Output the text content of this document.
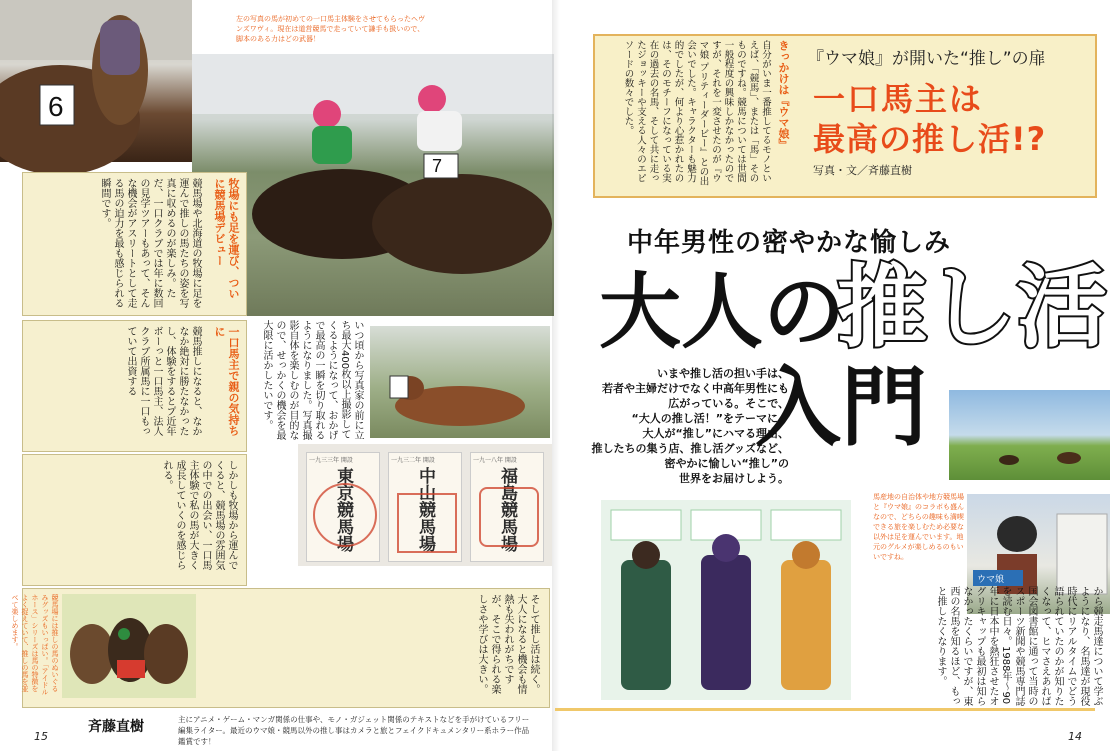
6
左の写真の馬が初めての一口馬主体験をさせてもらったヘヴンズワヴィ。現在は道営競馬で走っていて謙手も扱いので、脚本のある力はどの武器！
7
牧場にも足を運び、ついに競馬場デビュー
競馬場や北海道の牧場に足を運んで推しの馬たちの姿を写真に収めるのが楽しみ。ただ、一口クラブでは年に数回の見学ツアーもあって、そんな機会がアスリートとして走る馬の迫力を最も感じられる瞬間です。
一口馬主で親の気持ちに
競馬推しになると、なかなか絶対に勝たなかったし、体験をするとプ近年ボーっと一口馬主、法人クラブ所属馬に一口もっていて出資する	いつ頃から写真家の前に立ち最大400枚以上撮影してくるようになって、おかげで最高の一瞬を切り取れるようになりました。写真撮影自体を楽しむのが目的なので、せっかくの機会を最大限に活かしたいです。
しかしも牧場から運んでくると、競馬場の雰囲気の中での出会い、一口馬主体験で私の馬が大きく成長していくのを感じられる。	一九三三年 開設
東京競馬場
一九三二年 開設
中山競馬場
一九一八年 開設
福島競馬場
競馬場には推しの馬のぬいぐるみグッズもいっぱい。「アイドルホース」シリーズは馬の特徴をよく捉えていて、推しの馬を並べて楽しめます。	そして推し活は続く。大人になると機会も情熱も失われがちですが、そこで得られる楽しさや学びは大きい。
斉藤直樹	主にアニメ・ゲーム・マンガ関係の仕事や、モノ・ガジェット関係のテキストなどを手がけているフリー編集ライター。最近のウマ娘・競馬以外の推し事はカメラと旅とフェイクドキュメンタリー系ホラー作品鑑賞です！
15
きっかけは『ウマ娘』
自分がいま一番推してるモノといえば、「競馬」、または「馬」そのものですね。競馬については世間一般程度の興味しかなかったのですが、それを一変させたのが『ウマ娘 プリティーダービー』との出会いでした。キャラクターも魅力的でしたが、何より心惹かれたのは、そのモチーフになっている実在の過去の名馬、そして共に走ったジョッキーや支える人々のエピソードの数々でした。	『ウマ娘』が開いた“推し”の扉
一口馬主は
最高の推し活!?
写真・文／斉藤直樹
中年男性の密やかな愉しみ
大人の
推し活
入門
いまや推し活の担い手は、
若者や主婦だけでなく中高年男性にも
広がっている。そこで、
“大人の推し活！”をテーマに、
大人が“推し”にハマる理由、
推したちの集う店、推し活グッズなど、
密やかに愉しい“推し”の
世界をお届けしよう。
ウマ娘
馬産地の自治体や地方競馬場と『ウマ娘』のコラボも盛んなので、どちらの趣味も満喫できる旅を楽しむため必要な以外は足を運んでいます。地元のグルメが楽しめるのもいいですね。
から競走馬達について学ぶようになり、名馬達が現役時代にリアルタイムでどう語られていたのかが知りたくなって、ヒマさえあれば国会図書館に通って当時のスポーツ新聞や競馬専門誌を読む日々。1988年〜90年に日本中を熱狂させたオグリキャップも最初は知らなかったくらいですが、東西の名馬を知るほど、もっと推したくなります。
14
